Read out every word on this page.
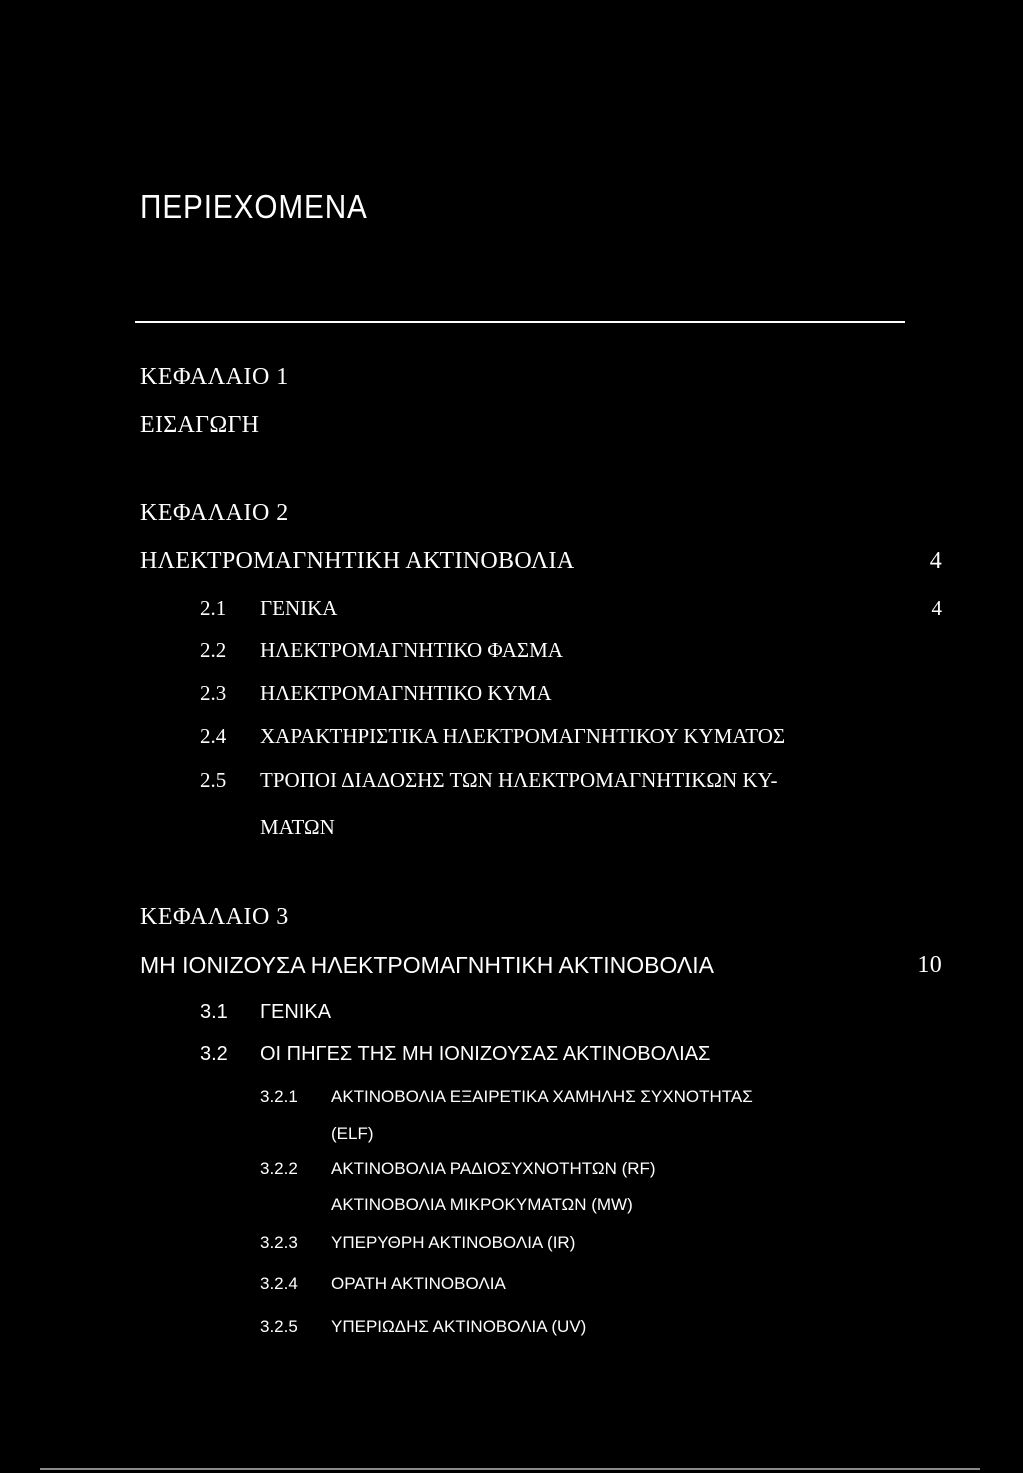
ΠΕΡΙΕΧΟΜΕΝΑ
ΚΕΦΑΛΑΙΟ 1
ΕΙΣΑΓΩΓΗ
ΚΕΦΑΛΑΙΟ 2
ΗΛΕΚΤΡΟΜΑΓΝΗΤΙΚΗ ΑΚΤΙΝΟΒΟΛΙΑ	4
2.1 ΓΕΝΙΚΑ	4
2.2 ΗΛΕΚΤΡΟΜΑΓΝΗΤΙΚΟ ΦΑΣΜΑ
2.3 ΗΛΕΚΤΡΟΜΑΓΝΗΤΙΚΟ ΚΥΜΑ
2.4 ΧΑΡΑΚΤΗΡΙΣΤΙΚΑ ΗΛΕΚΤΡΟΜΑΓΝΗΤΙΚΟΥ ΚΥΜΑΤΟΣ
2.5 ΤΡΟΠΟΙ ΔΙΑΔΟΣΗΣ ΤΩΝ ΗΛΕΚΤΡΟΜΑΓΝΗΤΙΚΩΝ ΚΥ-
ΜΑΤΩΝ
ΚΕΦΑΛΑΙΟ 3
ΜΗ ΙΟΝΙΖΟΥΣΑ ΗΛΕΚΤΡΟΜΑΓΝΗΤΙΚΗ ΑΚΤΙΝΟΒΟΛΙΑ	10
3.1 ΓΕΝΙΚΑ
3.2 ΟΙ ΠΗΓΕΣ ΤΗΣ ΜΗ ΙΟΝΙΖΟΥΣΑΣ ΑΚΤΙΝΟΒΟΛΙΑΣ
3.2.1 ΑΚΤΙΝΟΒΟΛΙΑ ΕΞΑΙΡΕΤΙΚΑ ΧΑΜΗΛΗΣ ΣΥΧΝΟΤΗΤΑΣ
(ELF)
3.2.2 ΑΚΤΙΝΟΒΟΛΙΑ ΡΑΔΙΟΣΥΧΝΟΤΗΤΩΝ (RF)
ΑΚΤΙΝΟΒΟΛΙΑ ΜΙΚΡΟΚΥΜΑΤΩΝ (MW)
3.2.3 ΥΠΕΡΥΘΡΗ ΑΚΤΙΝΟΒΟΛΙΑ (IR)
3.2.4 ΟΡΑΤΗ ΑΚΤΙΝΟΒΟΛΙΑ
3.2.5 ΥΠΕΡΙΩΔΗΣ ΑΚΤΙΝΟΒΟΛΙΑ (UV)
